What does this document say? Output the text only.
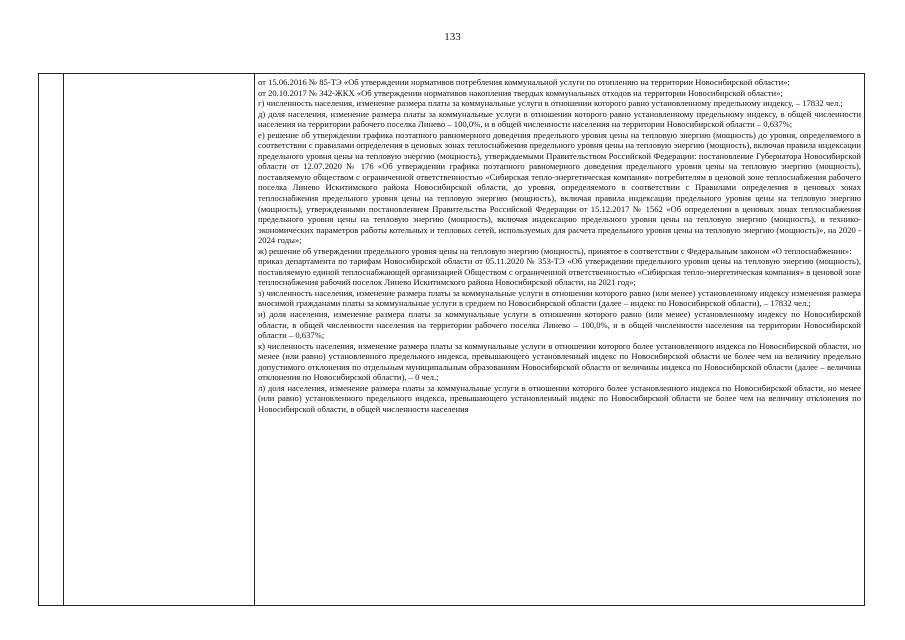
133

от 15.06.2016 № 85-ТЭ «Об утверждении нормативов потребления коммунальной услуги по отоплению на территории Новосибирской области»;

от 20.10.2017 № 342-ЖКХ «Об утверждении нормативов накопления твердых коммунальных отходов на территории Новосибирской области»;

г) численность населения, изменение размера платы за коммунальные услуги в отношении которого равно установленному предельному индексу, – 17832 чел.;

д) доля населения, изменение размера платы за коммунальные услуги в отношении которого равно установленному предельному индексу, в общей численности населения на территории рабочего поселка Линево – 100,0%, и в общей численности населения на территории Новосибирской области – 0,637%;

е) решение об утверждении графика поэтапного равномерного доведения предельного уровня цены на тепловую энергию (мощность) до уровня, определяемого в соответствии с правилами определения в ценовых зонах теплоснабжения предельного уровня цены на тепловую энергию (мощность), включая правила индексации предельного уровня цены на тепловую энергию (мощность), утверждаемыми Правительством Российской Федерации: постановление Губернатора Новосибирской области от 12.07.2020 № 176 «Об утверждении графика поэтапного равномерного доведения предельного уровня цены на тепловую энергию (мощность), поставляемую обществом с ограниченной ответственностью «Сибирская тепло-энергетическая компания» потребителям в ценовой зоне теплоснабжения рабочего поселка Линево Искитимского района Новосибирской области, до уровня, определяемого в соответствии с Правилами определения в ценовых зонах теплоснабжения предельного уровня цены на тепловую энергию (мощность), включая правила индексации предельного уровня цены на тепловую энергию (мощность), утвержденными постановлением Правительства Российской Федерации от 15.12.2017 № 1562 «Об определении в ценовых зонах теплоснабжения предельного уровня цены на тепловую энергию (мощность), включая индексацию предельного уровня цены на тепловую энергию (мощность), и технико-экономических параметров работы котельных и тепловых сетей, используемых для расчета предельного уровня цены на тепловую энергию (мощность)», на 2020 - 2024 годы»;

ж) решение об утверждении предельного уровня цены на тепловую энергию (мощность), принятое в соответствии с Федеральным законом «О теплоснабжении»:

приказ департамента по тарифам Новосибирской области от 05.11.2020 № 353-ТЭ «Об утверждении предельного уровня цены на тепловую энергию (мощность), поставляемую единой теплоснабжающей организацией Обществом с ограниченной ответственностью «Сибирская тепло-энергетическая компания» в ценовой зоне теплоснабжения рабочий поселок Линево Искитимского района Новосибирской области, на 2021 год»;

з) численность населения, изменение размера платы за коммунальные услуги в отношении которого равно (или менее) установленному индексу изменения размера вносимой гражданами платы за коммунальные услуги в среднем по Новосибирской области (далее – индекс по Новосибирской области), – 17832 чел.;

и) доля населения, изменение размера платы за коммунальные услуги в отношении которого равно (или менее) установленному индексу по Новосибирской области, в общей численности населения на территории рабочего поселка Линево – 100,0%, и в общей численности населения на территории Новосибирской области – 0,637%;

к) численность населения, изменение размера платы за коммунальные услуги в отношении которого более установленного индекса по Новосибирской области, но менее (или равно) установленного предельного индекса, превышающего установленный индекс по Новосибирской области не более чем на величину предельно допустимого отклонения по отдельным муниципальным образованиям Новосибирской области от величины индекса по Новосибирской области (далее – величина отклонения по Новосибирской области), – 0 чел.;

л) доля населения, изменение размера платы за коммунальные услуги в отношении которого более установленного индекса по Новосибирской области, но менее (или равно) установленного предельного индекса, превышающего установленный индекс по Новосибирской области не более чем на величину отклонения по Новосибирской области, в общей численности населения
